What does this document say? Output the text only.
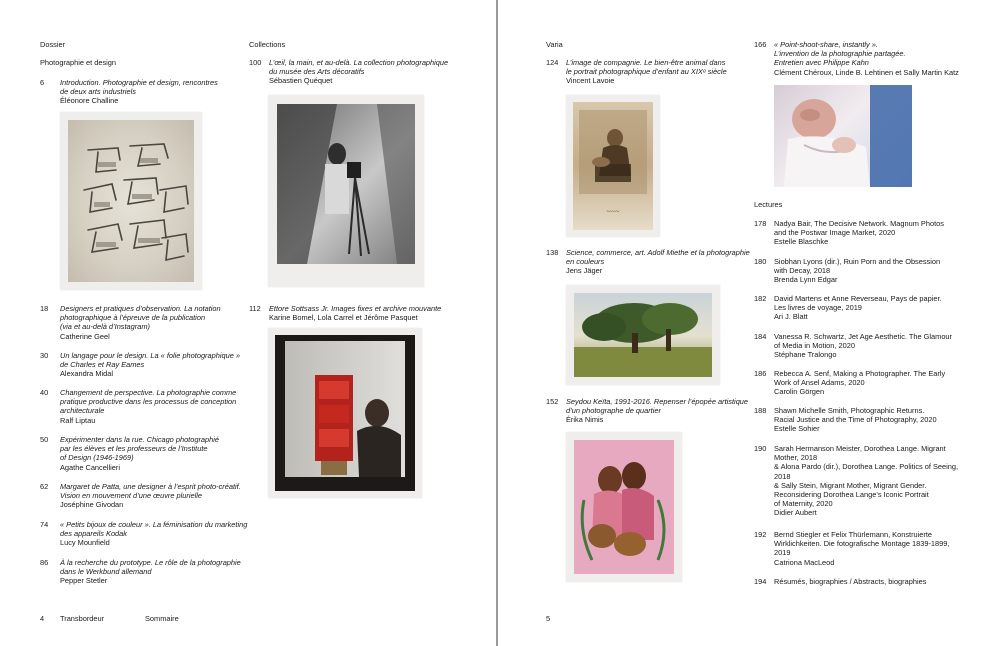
Dossier
Photographie et design
Collections
6 Introduction. Photographie et design, rencontres
de deux arts industriels
Éléonore Challine
18 Designers et pratiques d’observation. La notation
photographique à l’épreuve de la publication
(via et au-delà d’Instagram)
Catherine Geel
30 Un langage pour le design. La « folie photographique »
de Charles et Ray Eames
Alexandra Midal
40 Changement de perspective. La photographie comme
pratique productive dans les processus de conception
architecturale
Ralf Liptau
50 Expérimenter dans la rue. Chicago photographié
par les élèves et les professeurs de l’Institute
of Design (1946-1969)
Agathe Cancellieri
62 Margaret de Patta, une designer à l’esprit photo-créatif.
Vision en mouvement d’une œuvre plurielle
Joséphine Givodan
74 « Petits bijoux de couleur ». La féminisation du marketing
des appareils Kodak
Lucy Mounfield
86 À la recherche du prototype. Le rôle de la photographie
dans le Werkbund allemand
Pepper Stetler
100 L’œil, la main, et au-delà. La collection photographique
du musée des Arts décoratifs
Sébastien Quéquet
112 Ettore Sottsass Jr. Images fixes et archive mouvante
Karine Bomel, Lola Carrel et Jérôme Pasquet
4 Transbordeur	Sommaire
Varia
124 L’image de compagnie. Le bien-être animal dans
le portrait photographique d’enfant au XIXᵉ siècle
Vincent Lavoie
~~~
138 Science, commerce, art. Adolf Miethe et la photographie
en couleurs
Jens Jäger
152 Seydou Keïta, 1991-2016. Repenser l’épopée artistique
d’un photographe de quartier
Érika Nimis
166 « Point-shoot-share, instantly ».
L’invention de la photographie partagée.
Entretien avec Philippe Kahn
Clément Chéroux, Linde B. Lehtinen et Sally Martin Katz
Lectures
178 Nadya Bair, The Decisive Network. Magnum Photos
and the Postwar Image Market, 2020
Estelle Blaschke
180 Siobhan Lyons (dir.), Ruin Porn and the Obsession
with Decay, 2018
Brenda Lynn Edgar
182 David Martens et Anne Reverseau, Pays de papier.
Les livres de voyage, 2019
Ari J. Blatt
184 Vanessa R. Schwartz, Jet Age Aesthetic. The Glamour
of Media in Motion, 2020
Stéphane Tralongo
186 Rebecca A. Senf, Making a Photographer. The Early
Work of Ansel Adams, 2020
Carolin Görgen
188 Shawn Michelle Smith, Photographic Returns.
Racial Justice and the Time of Photography, 2020
Estelle Sohier
190 Sarah Hermanson Meister, Dorothea Lange. Migrant
Mother, 2018
& Alona Pardo (dir.), Dorothea Lange. Politics of Seeing,
2018
& Sally Stein, Migrant Mother, Migrant Gender.
Reconsidering Dorothea Lange’s Iconic Portrait
of Maternity, 2020
Didier Aubert
192 Bernd Stiegler et Felix Thürlemann, Konstruierte
Wirklichkeiten. Die fotografische Montage 1839-1899,
2019
Catriona MacLeod
194 Résumés, biographies / Abstracts, biographies
5
